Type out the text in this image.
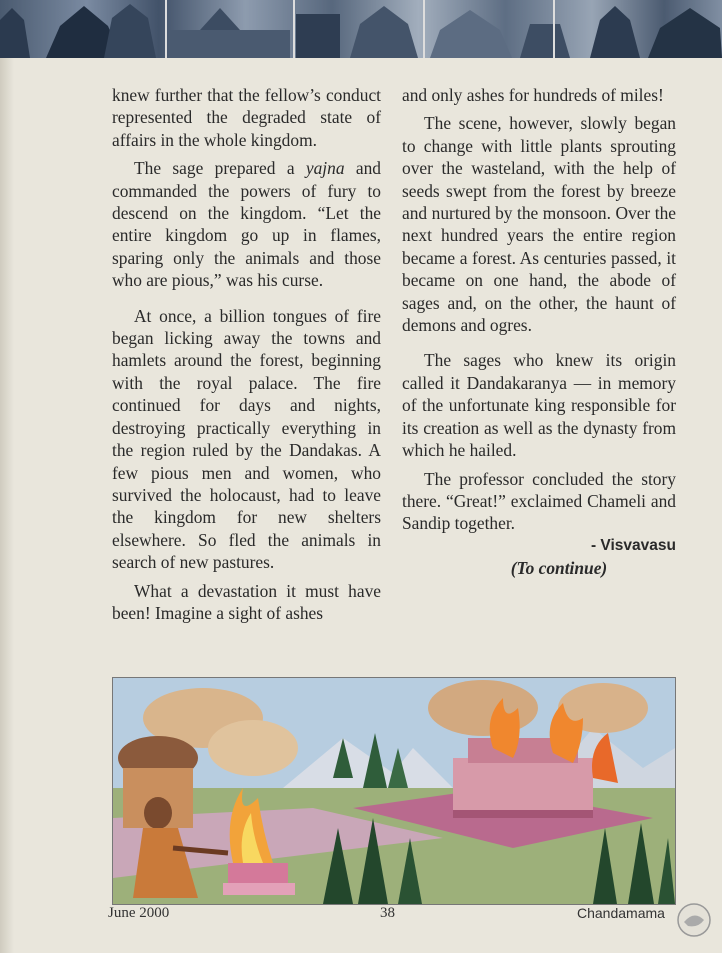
knew further that the fellow’s conduct represented the degraded state of affairs in the whole kingdom.

The sage prepared a yajna and commanded the powers of fury to descend on the kingdom. “Let the entire kingdom go up in flames, sparing only the animals and those who are pious,” was his curse.

At once, a billion tongues of fire began licking away the towns and hamlets around the forest, beginning with the royal palace. The fire continued for days and nights, destroying practically everything in the region ruled by the Dandakas. A few pious men and women, who survived the holocaust, had to leave the kingdom for new shelters elsewhere. So fled the animals in search of new pastures.

What a devastation it must have been! Imagine a sight of ashes

and only ashes for hundreds of miles!

The scene, however, slowly began to change with little plants sprouting over the wasteland, with the help of seeds swept from the forest by breeze and nurtured by the monsoon. Over the next hundred years the entire region became a forest. As centuries passed, it became on one hand, the abode of sages and, on the other, the haunt of demons and ogres.

The sages who knew its origin called it Dandakaranya — in memory of the unfortunate king responsible for its creation as well as the dynasty from which he hailed.

The professor concluded the story there. “Great!” exclaimed Chameli and Sandip together.

- Visvavasu

(To continue)

June 2000	38	Chandamama
